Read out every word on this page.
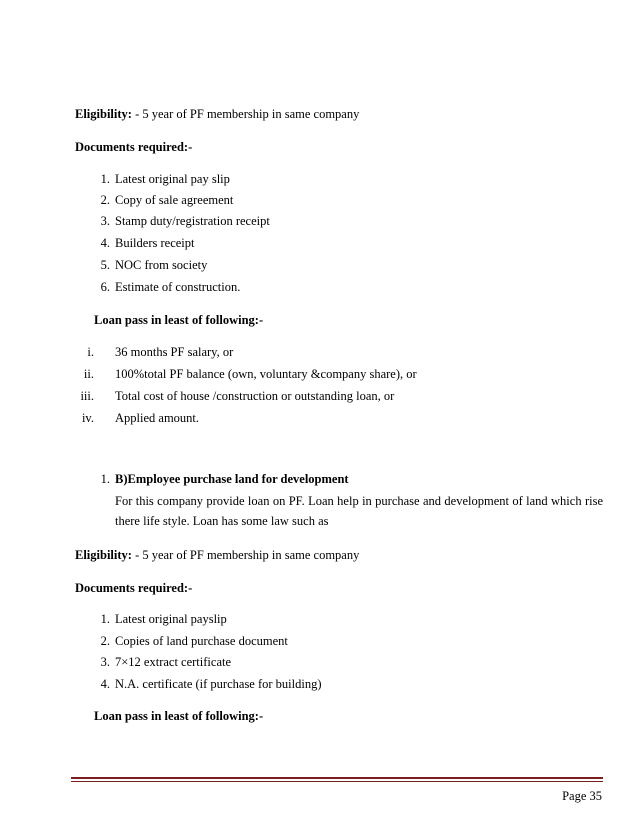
Eligibility: - 5 year of PF membership in same company
Documents required:-
1. Latest original pay slip
2. Copy of sale agreement
3. Stamp duty/registration receipt
4. Builders receipt
5. NOC from society
6. Estimate of construction.
Loan pass in least of following:-
i. 36 months PF salary, or
ii. 100%total PF balance (own, voluntary &company share), or
iii. Total cost of house /construction or outstanding loan, or
iv. Applied amount.
1. B)Employee purchase land for development
For this company provide loan on PF. Loan help in purchase and development of land which rise there life style. Loan has some law such as
Eligibility: - 5 year of PF membership in same company
Documents required:-
1. Latest original payslip
2. Copies of land purchase document
3. 7×12 extract certificate
4. N.A. certificate (if purchase for building)
Loan pass in least of following:-
Page 35
